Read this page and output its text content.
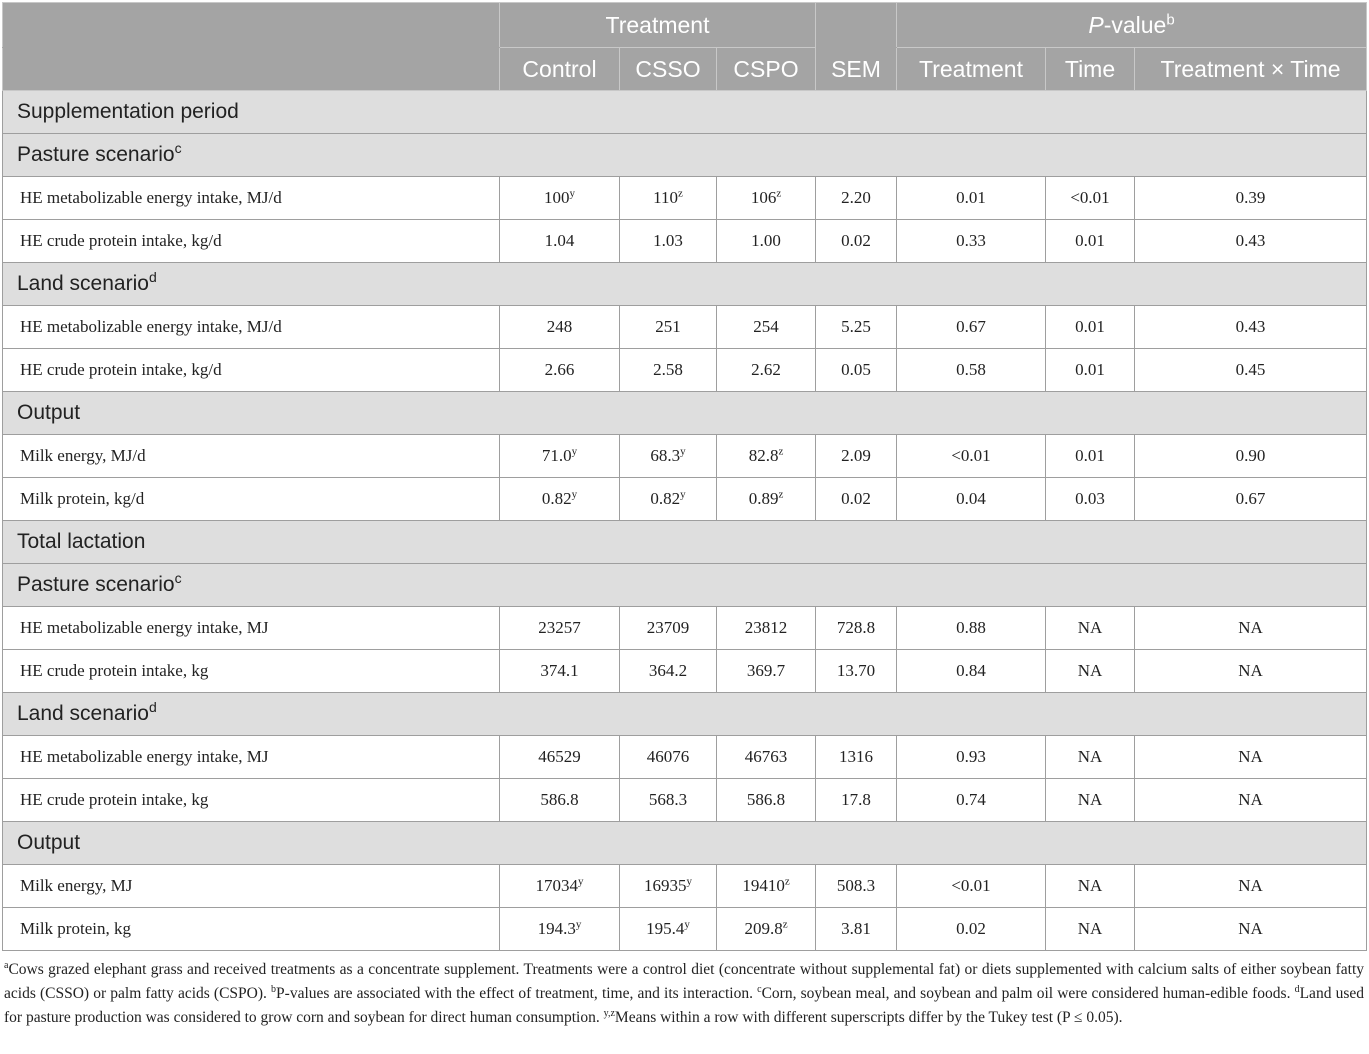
	Treatment				P-value$^b$
	Control	CSSO	CSPO	SEM	Treatment	Time	Treatment × Time
Supplementation period							
Pasture scenario$^c$
HE metabolizable energy intake, MJ/d	100$^y$	110$^z$	106$^z$	2.20	0.01	<0.01	0.39
HE crude protein intake, kg/d	1.04	1.03	1.00	0.02	0.33	0.01	0.43
Land scenario$^d$
HE metabolizable energy intake, MJ/d	248	251	254	5.25	0.67	0.01	0.43
HE crude protein intake, kg/d	2.66	2.58	2.62	0.05	0.58	0.01	0.45
Output							
Milk energy, MJ/d	71.0$^y$	68.3$^y$	82.8$^z$	2.09	<0.01	0.01	0.90
Milk protein, kg/d	0.82$^y$	0.82$^y$	0.89$^z$	0.02	0.04	0.03	0.67
Total lactation							
Pasture scenario$^c$
HE metabolizable energy intake, MJ	23257	23709	23812	728.8	0.88	NA	NA
HE crude protein intake, kg	374.1	364.2	369.7	13.70	0.84	NA	NA
Land scenario$^d$
HE metabolizable energy intake, MJ	46529	46076	46763	1316	0.93	NA	NA
HE crude protein intake, kg	586.8	568.3	586.8	17.8	0.74	NA	NA
Output							
Milk energy, MJ	17034$^y$	16935$^y$	19410$^z$	508.3	<0.01	NA	NA
Milk protein, kg	194.3$^y$	195.4$^y$	209.8$^z$	3.81	0.02	NA	NA
$^a$Cows grazed elephant grass and received treatments as a concentrate supplement. Treatments were a control diet (concentrate without supplemental fat) or diets supplemented with calcium salts of either soybean fatty acids (CSSO) or palm fatty acids (CSPO). $^b$P-values are associated with the effect of treatment, time, and its interaction. $^c$Corn, soybean meal, and soybean and palm oil were considered human-edible foods. $^d$Land used for pasture production was considered to grow corn and soybean for direct human consumption. $^{y,z}$Means within a row with different superscripts differ by the Tukey test (P ≤ 0.05).
